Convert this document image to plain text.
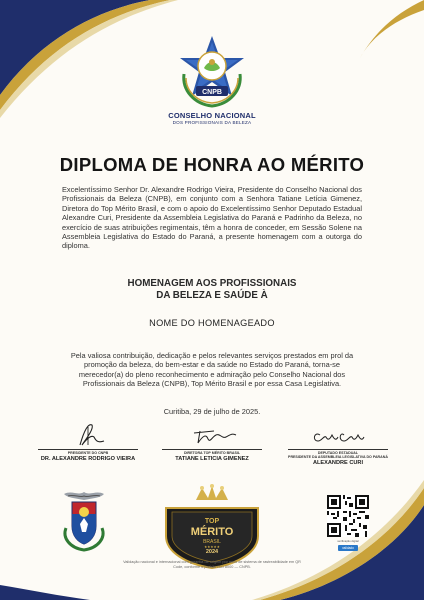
CNPB
CONSELHO NACIONAL
DOS PROFISSIONAIS DA BELEZA
DIPLOMA DE HONRA AO MÉRITO
Excelentíssimo Senhor Dr. Alexandre Rodrigo Vieira, Presidente do Conselho Nacional dos Profissionais da Beleza (CNPB), em conjunto com a Senhora Tatiane Letícia Gimenez, Diretora do Top Mérito Brasil, e com o apoio do Excelentíssimo Senhor Deputado Estadual Alexandre Curi, Presidente da Assembleia Legislativa do Paraná e Padrinho da Beleza, no exercício de suas atribuições regimentais, têm a honra de conceder, em Sessão Solene na Assembleia Legislativa do Estado do Paraná, a presente homenagem com a outorga do diploma.
HOMENAGEM AOS PROFISSIONAIS
DA BELEZA E SAÚDE À
NOME DO HOMENAGEADO
Pela valiosa contribuição, dedicação e pelos relevantes serviços prestados em prol da promoção da beleza, do bem-estar e da saúde no Estado do Paraná, torna-se merecedor(a) do pleno reconhecimento e admiração pelo Conselho Nacional dos Profissionais da Beleza (CNPB), Top Mérito Brasil e por essa Casa Legislativa.
Curitiba, 29 de julho de 2025.
PRESIDENTE DO CNPB
DR. ALEXANDRE RODRIGO VIEIRA
DIRETORA TOP MÉRITO BRASIL
TATIANE LETICIA GIMENEZ
DEPUTADO ESTADUAL
PRESIDENTE DA ASSEMBLEIA LEGISLATIVA DO PARANÁ
ALEXANDRE CURI
TOP
MÉRITO
BRASIL
2024
★★★★★
verificação digital
validado
Validação nacional e internacional com garantia de origem por meio de sistema de rastreabilidade em QR Code, conforme o padrão ISO 8000 — CNPB.
